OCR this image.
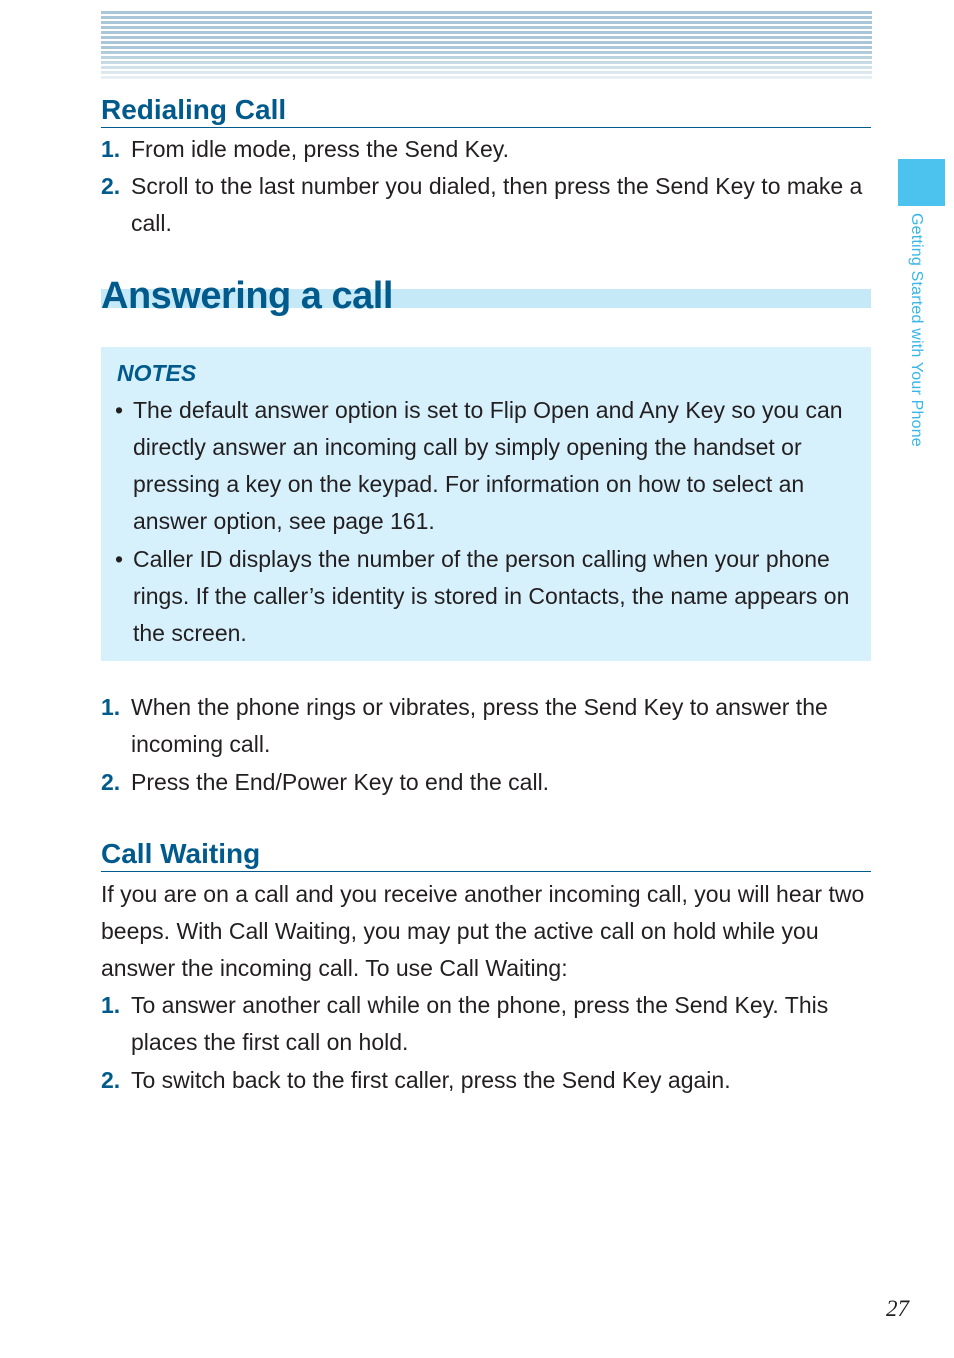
Getting Started with Your Phone
Redialing Call
1. From idle mode, press the Send Key.
2. Scroll to the last number you dialed, then press the Send Key to make a call.
Answering a call
NOTES
• The default answer option is set to Flip Open and Any Key so you can directly answer an incoming call by simply opening the handset or pressing a key on the keypad. For information on how to select an answer option, see page 161.
• Caller ID displays the number of the person calling when your phone rings. If the caller’s identity is stored in Contacts, the name appears on the screen.
1. When the phone rings or vibrates, press the Send Key to answer the incoming call.
2. Press the End/Power Key to end the call.
Call Waiting
If you are on a call and you receive another incoming call, you will hear two beeps. With Call Waiting, you may put the active call on hold while you answer the incoming call. To use Call Waiting:
1. To answer another call while on the phone, press the Send Key. This places the first call on hold.
2. To switch back to the first caller, press the Send Key again.
27
